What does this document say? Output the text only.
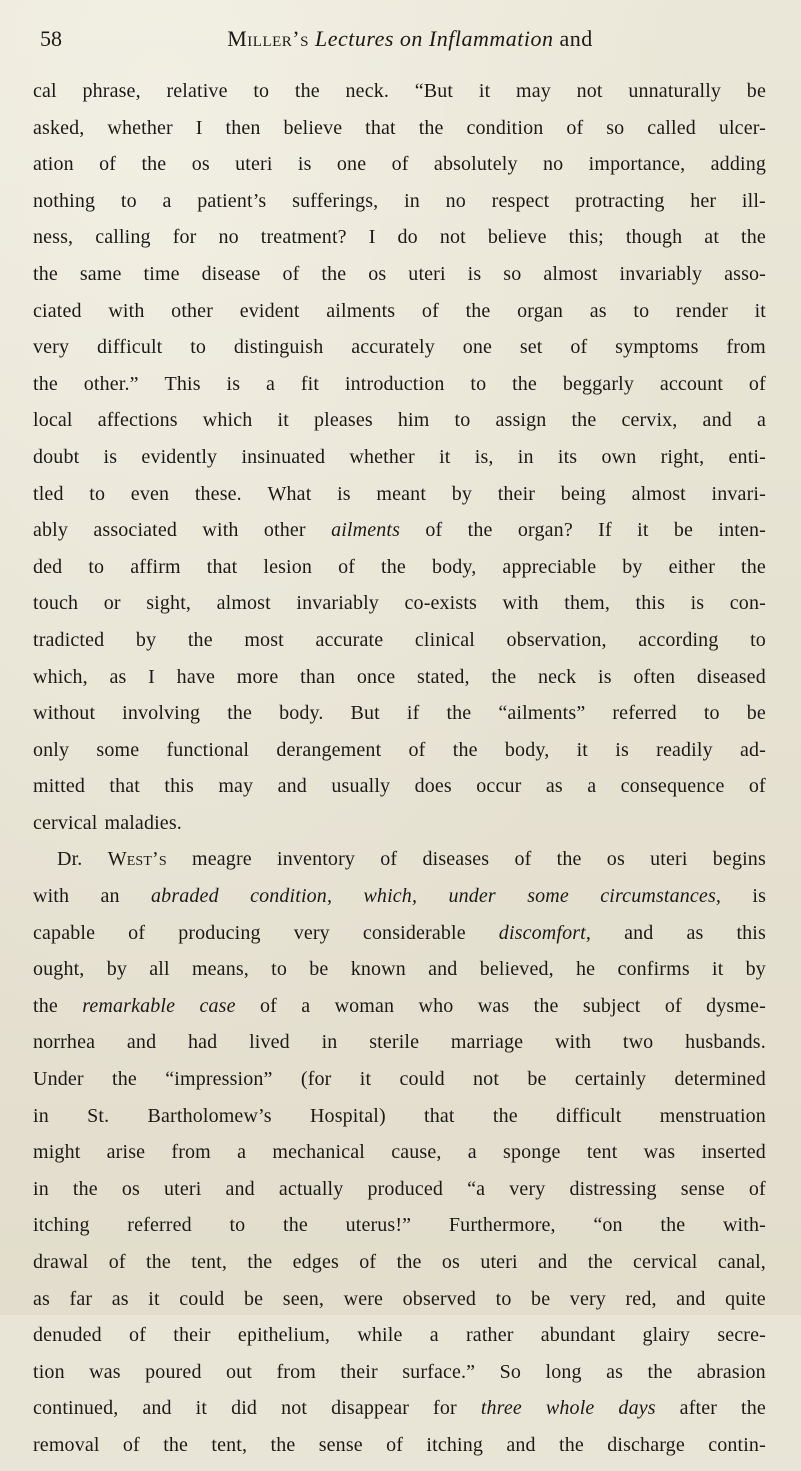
58	Miller’s Lectures on Inflammation and
cal phrase, relative to the neck. “But it may not unnaturally be
asked, whether I then believe that the condition of so called ulcer-
ation of the os uteri is one of absolutely no importance, adding
nothing to a patient’s sufferings, in no respect protracting her ill-
ness, calling for no treatment? I do not believe this; though at the
the same time disease of the os uteri is so almost invariably asso-
ciated with other evident ailments of the organ as to render it
very difficult to distinguish accurately one set of symptoms from
the other.” This is a fit introduction to the beggarly account of
local affections which it pleases him to assign the cervix, and a
doubt is evidently insinuated whether it is, in its own right, enti-
tled to even these. What is meant by their being almost invari-
ably associated with other ailments of the organ? If it be inten-
ded to affirm that lesion of the body, appreciable by either the
touch or sight, almost invariably co-exists with them, this is con-
tradicted by the most accurate clinical observation, according to
which, as I have more than once stated, the neck is often diseased
without involving the body. But if the “ailments” referred to be
only some functional derangement of the body, it is readily ad-
mitted that this may and usually does occur as a consequence of
cervical maladies.
Dr. West’s meagre inventory of diseases of the os uteri begins
with an abraded condition, which, under some circumstances, is
capable of producing very considerable discomfort, and as this
ought, by all means, to be known and believed, he confirms it by
the remarkable case of a woman who was the subject of dysme-
norrhea and had lived in sterile marriage with two husbands.
Under the “impression” (for it could not be certainly determined
in St. Bartholomew’s Hospital) that the difficult menstruation
might arise from a mechanical cause, a sponge tent was inserted
in the os uteri and actually produced “a very distressing sense of
itching referred to the uterus!” Furthermore, “on the with-
drawal of the tent, the edges of the os uteri and the cervical canal,
as far as it could be seen, were observed to be very red, and quite
denuded of their epithelium, while a rather abundant glairy secre-
tion was poured out from their surface.” So long as the abrasion
continued, and it did not disappear for three whole days after the
removal of the tent, the sense of itching and the discharge contin-
